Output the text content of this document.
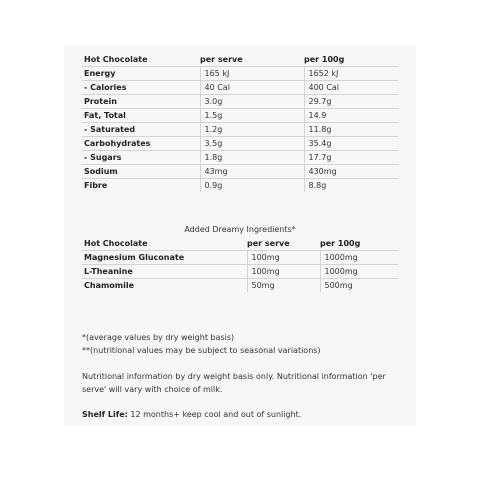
Hot Chocolate	per serve	per 100g
Energy	165 kJ	1652 kJ
- Calories	40 Cal	400 Cal
Protein	3.0g	29.7g
Fat, Total	1.5g	14.9
- Saturated	1.2g	11.8g
Carbohydrates	3.5g	35.4g
- Sugars	1.8g	17.7g
Sodium	43mg	430mg
Fibre	0.9g	8.8g
Added Dreamy Ingredients*
Hot Chocolate	per serve	per 100g
Magnesium Gluconate	100mg	1000mg
L-Theanine	100mg	1000mg
Chamomile	50mg	500mg
*(average values by dry weight basis)
**(nutritional values may be subject to seasonal variations)
Nutritional information by dry weight basis only. Nutritional information 'per serve' will vary with choice of milk.
Shelf Life: 12 months+ keep cool and out of sunlight.
